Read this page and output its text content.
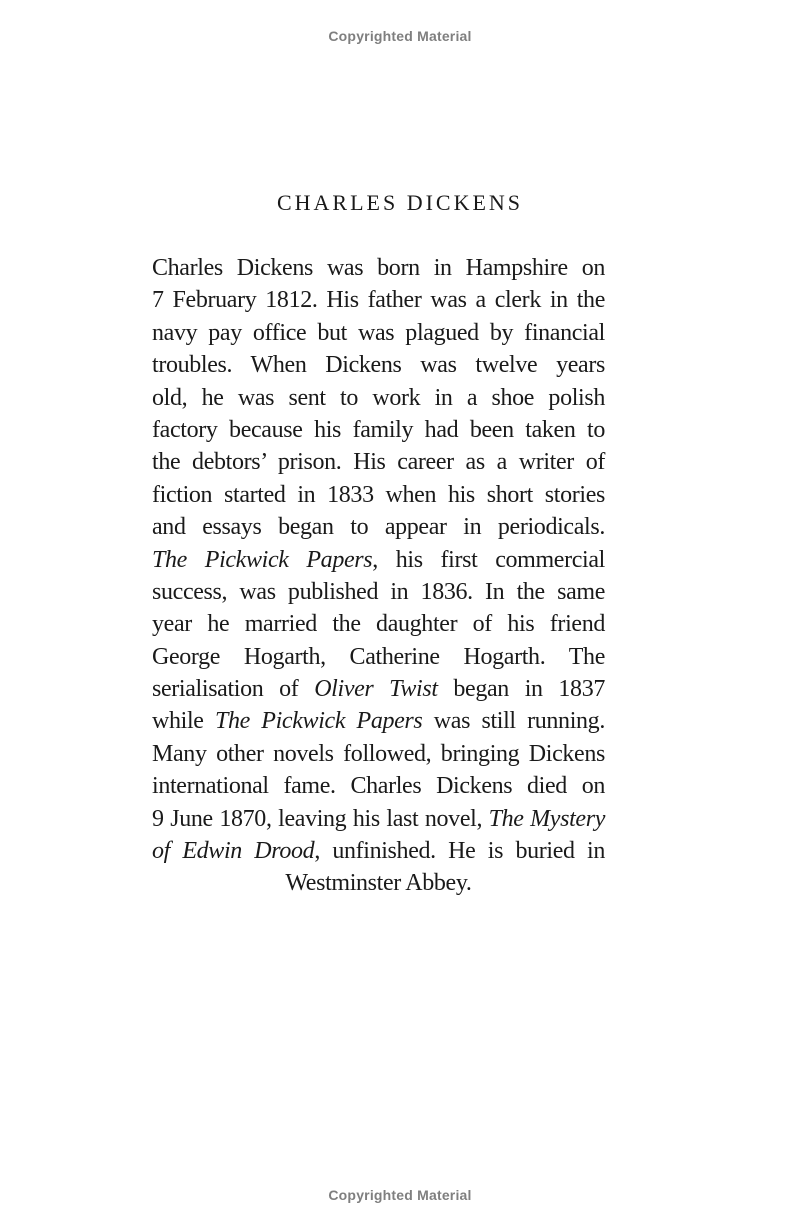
Copyrighted Material
CHARLES DICKENS
Charles Dickens was born in Hampshire on
7 February 1812. His father was a clerk in the
navy pay office but was plagued by financial
troubles. When Dickens was twelve years
old, he was sent to work in a shoe polish
factory because his family had been taken to
the debtors’ prison. His career as a writer of
fiction started in 1833 when his short stories
and essays began to appear in periodicals.
The Pickwick Papers, his first commercial
success, was published in 1836. In the same
year he married the daughter of his friend
George Hogarth, Catherine Hogarth. The
serialisation of Oliver Twist began in 1837
while The Pickwick Papers was still running.
Many other novels followed, bringing Dickens
international fame. Charles Dickens died on
9 June 1870, leaving his last novel, The Mystery
of Edwin Drood, unfinished. He is buried in
Westminster Abbey.
Copyrighted Material
